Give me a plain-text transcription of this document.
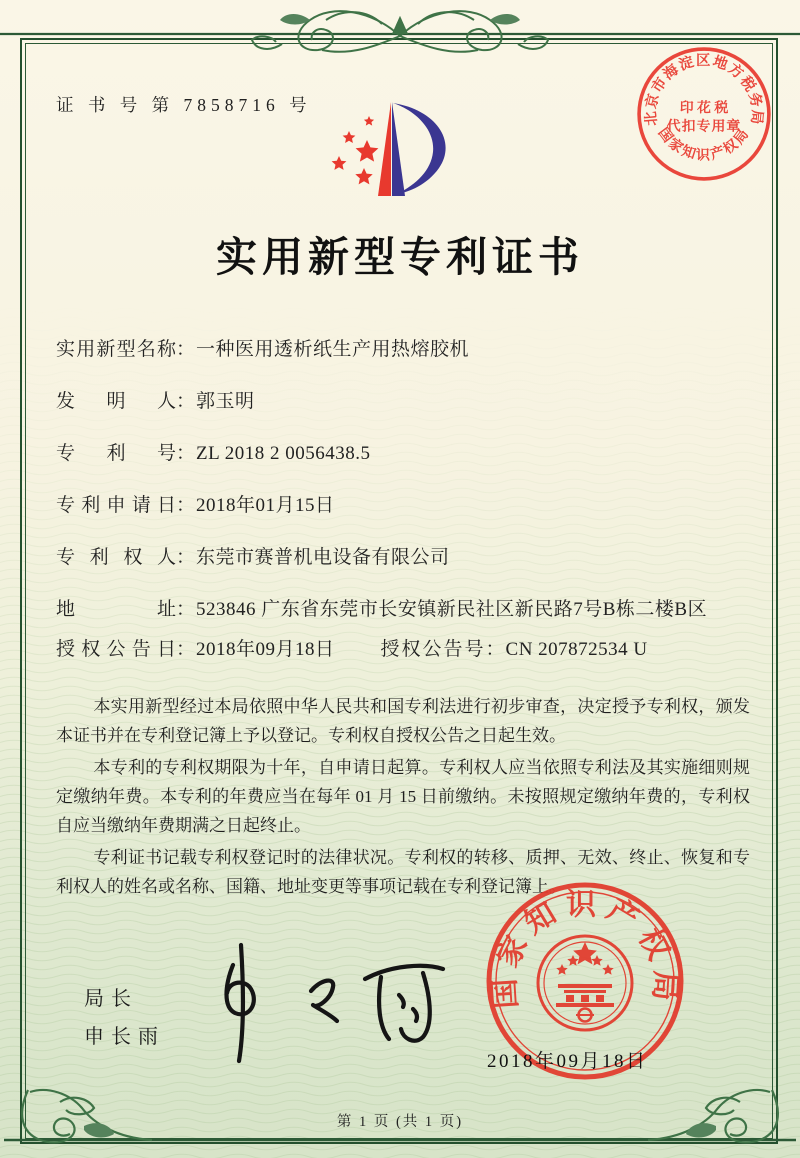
证 书 号 第 7858716 号
北京市海淀区地方税务局
印 花 税
代扣专用章
国家知识产权局
实用新型专利证书
实用新型名称 ： 一种医用透析纸生产用热熔胶机
发明人 ： 郭玉明
专利号 ： ZL 2018 2 0056438.5
专利申请日 ： 2018年01月15日
专利权人 ： 东莞市赛普机电设备有限公司
地址 ： 523846 广东省东莞市长安镇新民社区新民路7号B栋二楼B区
授权公告日 ： 2018年09月18日 授权公告号 ： CN 207872534 U

本实用新型经过本局依照中华人民共和国专利法进行初步审查，决定授予专利权，颁发本证书并在专利登记簿上予以登记。专利权自授权公告之日起生效。

本专利的专利权期限为十年，自申请日起算。专利权人应当依照专利法及其实施细则规定缴纳年费。本专利的年费应当在每年 01 月 15 日前缴纳。未按照规定缴纳年费的，专利权自应当缴纳年费期满之日起终止。

专利证书记载专利权登记时的法律状况。专利权的转移、质押、无效、终止、恢复和专利权人的姓名或名称、国籍、地址变更等事项记载在专利登记簿上。

局长
申长雨
国家知识产权局
2018年09月18日
第 1 页 (共 1 页)
